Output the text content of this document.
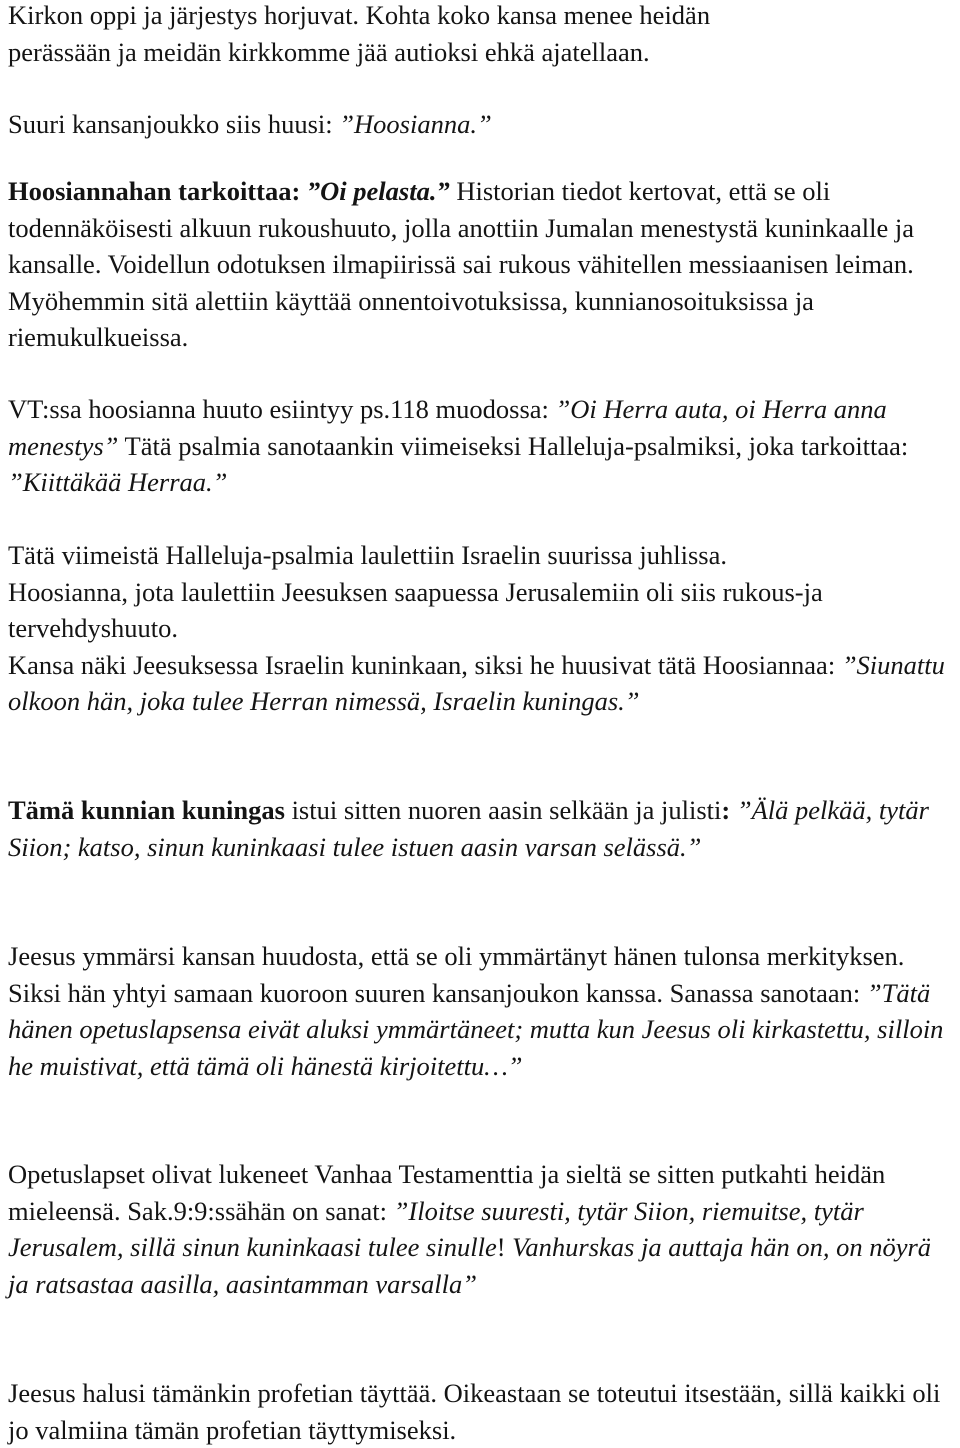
Kirkon oppi ja järjestys horjuvat. Kohta koko kansa menee heidän
perässään ja meidän kirkkomme jää autioksi ehkä ajatellaan.

Suuri kansanjoukko siis huusi: ”Hoosianna.”

Hoosiannahan tarkoittaa: ”Oi pelasta.” Historian tiedot kertovat, että se oli todennäköisesti alkuun rukoushuuto, jolla anottiin Jumalan menestystä kuninkaalle ja kansalle. Voidellun odotuksen ilmapiirissä sai rukous vähitellen messiaanisen leiman. Myöhemmin sitä alettiin käyttää onnentoivotuksissa, kunnianosoituksissa ja riemukulkueissa.

VT:ssa hoosianna huuto esiintyy ps.118 muodossa: ”Oi Herra auta, oi Herra anna menestys” Tätä psalmia sanotaankin viimeiseksi Halleluja-psalmiksi, joka tarkoittaa: ”Kiittäkää Herraa.”

Tätä viimeistä Halleluja-psalmia laulettiin Israelin suurissa juhlissa.
Hoosianna, jota laulettiin Jeesuksen saapuessa Jerusalemiin oli siis rukous-ja tervehdyshuuto.
Kansa näki Jeesuksessa Israelin kuninkaan, siksi he huusivat tätä Hoosiannaa: ”Siunattu olkoon hän, joka tulee Herran nimessä, Israelin kuningas.”

Tämä kunnian kuningas istui sitten nuoren aasin selkään ja julisti: ”Älä pelkää, tytär Siion; katso, sinun kuninkaasi tulee istuen aasin varsan selässä.”

Jeesus ymmärsi kansan huudosta, että se oli ymmärtänyt hänen tulonsa merkityksen. Siksi hän yhtyi samaan kuoroon suuren kansanjoukon kanssa. Sanassa sanotaan: ”Tätä hänen opetuslapsensa eivät aluksi ymmärtäneet; mutta kun Jeesus oli kirkastettu, silloin he muistivat, että tämä oli hänestä kirjoitettu…”

Opetuslapset olivat lukeneet Vanhaa Testamenttia ja sieltä se sitten putkahti heidän mieleensä. Sak.9:9:ssähän on sanat: ”Iloitse suuresti, tytär Siion, riemuitse, tytär Jerusalem, sillä sinun kuninkaasi tulee sinulle! Vanhurskas ja auttaja hän on, on nöyrä ja ratsastaa aasilla, aasintamman varsalla”

Jeesus halusi tämänkin profetian täyttää. Oikeastaan se toteutui itsestään, sillä kaikki oli jo valmiina tämän profetian täyttymiseksi.
